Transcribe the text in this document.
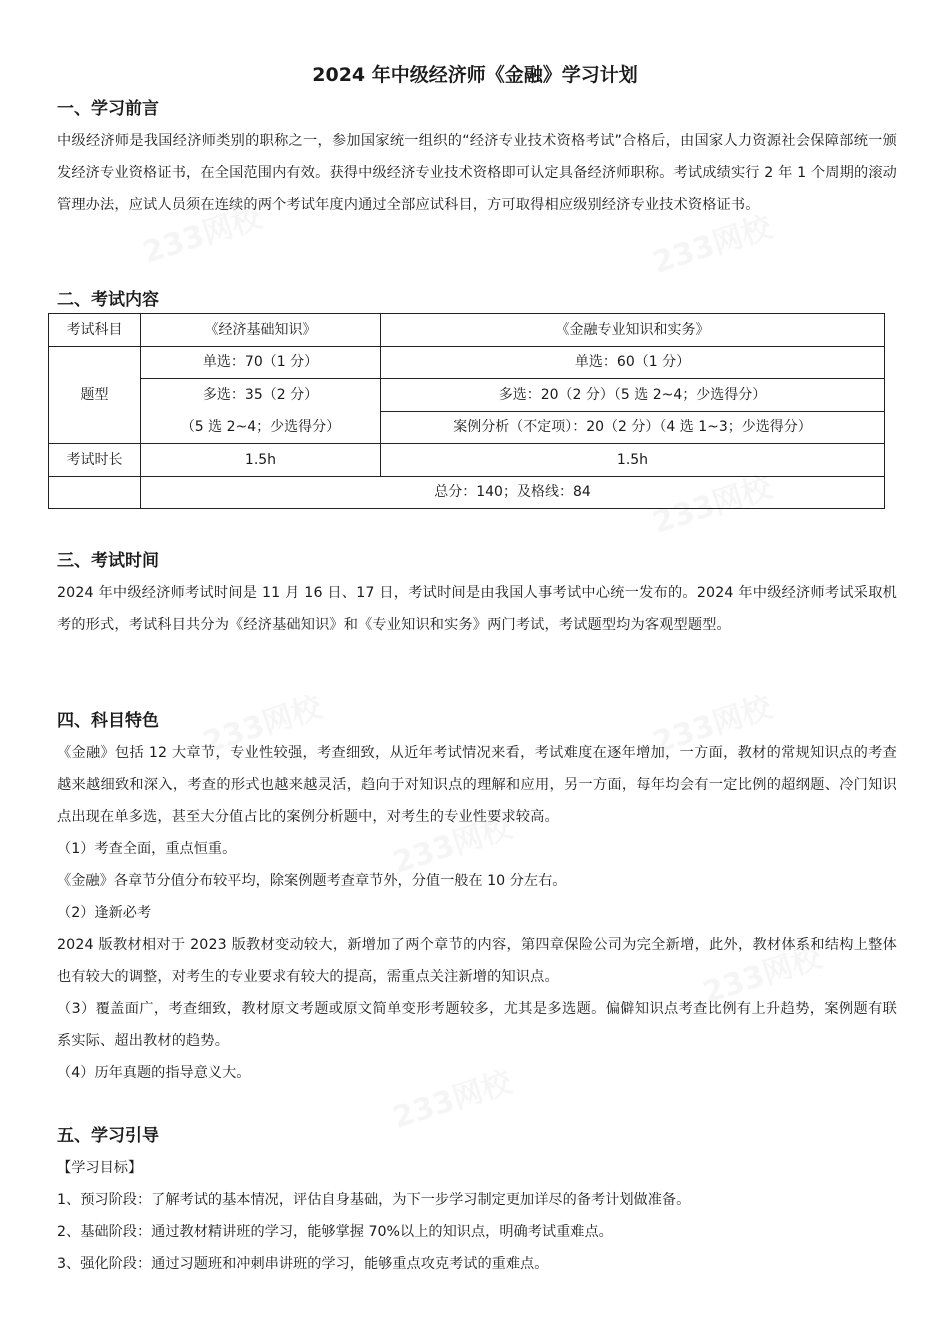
2024 年中级经济师《金融》学习计划
一、学习前言
中级经济师是我国经济师类别的职称之一，参加国家统一组织的“经济专业技术资格考试”合格后，由国家人力资源社会保障部统一颁发经济专业资格证书，在全国范围内有效。获得中级经济专业技术资格即可认定具备经济师职称。考试成绩实行 2 年 1 个周期的滚动管理办法，应试人员须在连续的两个考试年度内通过全部应试科目，方可取得相应级别经济专业技术资格证书。
二、考试内容
考试科目	《经济基础知识》	《金融专业知识和实务》
题型	单选：70（1 分）	单选：60（1 分）
	多选：35（2 分）	多选：20（2 分）（5 选 2~4；少选得分）
	（5 选 2~4；少选得分）	案例分析（不定项）：20（2 分）（4 选 1~3；少选得分）
考试时长	1.5h	1.5h
	总分：140；及格线：84	
三、考试时间
2024 年中级经济师考试时间是 11 月 16 日、17 日，考试时间是由我国人事考试中心统一发布的。2024 年中级经济师考试采取机考的形式，考试科目共分为《经济基础知识》和《专业知识和实务》两门考试，考试题型均为客观型题型。
四、科目特色
《金融》包括 12 大章节，专业性较强，考查细致，从近年考试情况来看，考试难度在逐年增加，一方面，教材的常规知识点的考查越来越细致和深入，考查的形式也越来越灵活，趋向于对知识点的理解和应用，另一方面，每年均会有一定比例的超纲题、冷门知识点出现在单多选，甚至大分值占比的案例分析题中，对考生的专业性要求较高。
（1）考查全面，重点恒重。
《金融》各章节分值分布较平均，除案例题考查章节外，分值一般在 10 分左右。
（2）逢新必考
2024 版教材相对于 2023 版教材变动较大，新增加了两个章节的内容，第四章保险公司为完全新增，此外，教材体系和结构上整体也有较大的调整，对考生的专业要求有较大的提高，需重点关注新增的知识点。
（3）覆盖面广，考查细致，教材原文考题或原文简单变形考题较多，尤其是多选题。偏僻知识点考查比例有上升趋势，案例题有联系实际、超出教材的趋势。
（4）历年真题的指导意义大。
五、学习引导
【学习目标】
1、预习阶段：了解考试的基本情况，评估自身基础，为下一步学习制定更加详尽的备考计划做准备。
2、基础阶段：通过教材精讲班的学习，能够掌握 70%以上的知识点，明确考试重难点。
3、强化阶段：通过习题班和冲刺串讲班的学习，能够重点攻克考试的重难点。
